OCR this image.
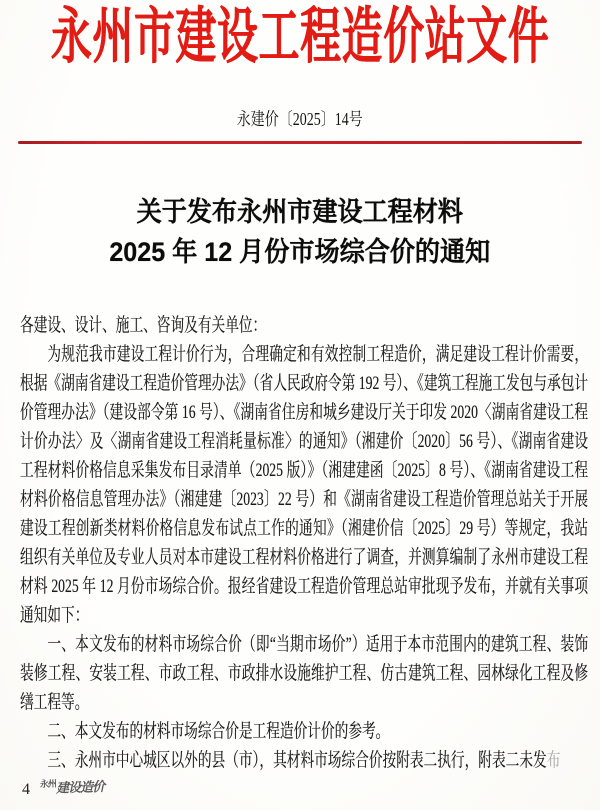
永州市建设工程造价站文件
永建价〔2025〕14号
关于发布永州市建设工程材料
2025 年 12 月份市场综合价的通知

各建设、设计、施工、咨询及有关单位：

为规范我市建设工程计价行为，合理确定和有效控制工程造价，满足建设工程计价需要，根据《湖南省建设工程造价管理办法》（省人民政府令第 192 号）、《建筑工程施工发包与承包计价管理办法》（建设部令第 16 号）、《湖南省住房和城乡建设厅关于印发 2020〈湖南省建设工程计价办法〉及〈湖南省建设工程消耗量标准〉的通知》（湘建价〔2020〕56 号）、《湖南省建设工程材料价格信息采集发布目录清单（2025 版）》（湘建建函〔2025〕8 号）、《湖南省建设工程材料价格信息管理办法》（湘建建〔2023〕22 号）和《湖南省建设工程造价管理总站关于开展建设工程创新类材料价格信息发布试点工作的通知》（湘建价信〔2025〕29 号）等规定，我站组织有关单位及专业人员对本市建设工程材料价格进行了调查，并测算编制了永州市建设工程材料 2025 年 12 月份市场综合价。报经省建设工程造价管理总站审批现予发布，并就有关事项通知如下：

一、本文发布的材料市场综合价（即“当期市场价”）适用于本市范围内的建筑工程、装饰装修工程、安装工程、市政工程、市政排水设施维护工程、仿古建筑工程、园林绿化工程及修缮工程等。

二、本文发布的材料市场综合价是工程造价计价的参考。

三、永州市中心城区以外的县（市），其材料市场综合价按附表二执行，附表二未发布

4 $^{永州}$建设造价
